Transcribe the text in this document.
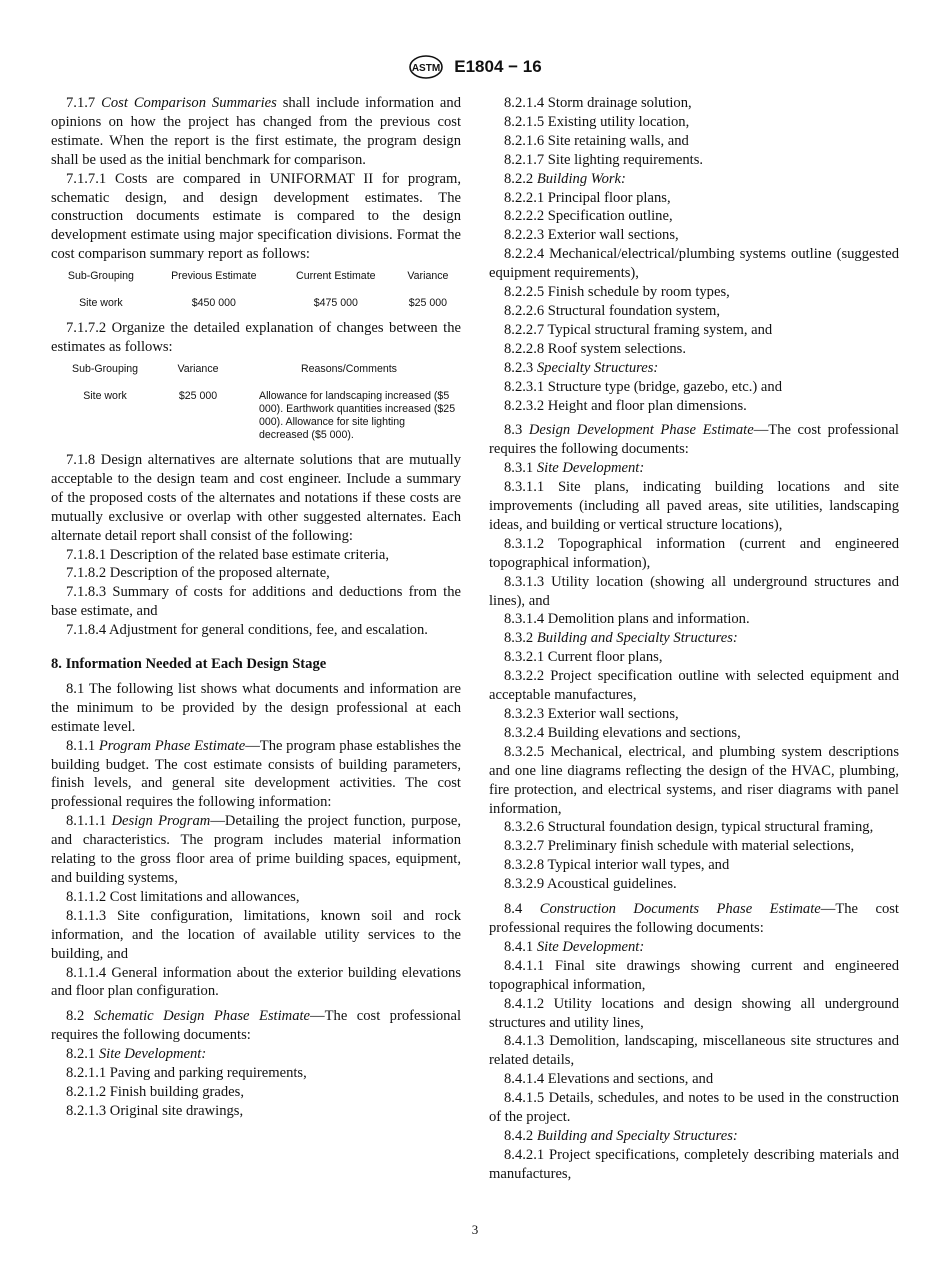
ASTM E1804 − 16

7.1.7 Cost Comparison Summaries shall include information and opinions on how the project has changed from the previous cost estimate. When the report is the first estimate, the program design shall be used as the initial benchmark for comparison.

7.1.7.1 Costs are compared in UNIFORMAT II for program, schematic design, and design development estimates. The construction documents estimate is compared to the design development estimate using major specification divisions. Format the cost comparison summary report as follows:

Sub-Grouping	Previous Estimate	Current Estimate	Variance
Site work	$450 000	$475 000	$25 000

7.1.7.2 Organize the detailed explanation of changes between the estimates as follows:

Sub-Grouping	Variance	Reasons/Comments
Site work	$25 000	Allowance for landscaping increased ($5 000). Earthwork quantities increased ($25 000). Allowance for site lighting decreased ($5 000).

7.1.8 Design alternatives are alternate solutions that are mutually acceptable to the design team and cost engineer. Include a summary of the proposed costs of the alternates and notations if these costs are mutually exclusive or overlap with other suggested alternates. Each alternate detail report shall consist of the following:

7.1.8.1 Description of the related base estimate criteria,

7.1.8.2 Description of the proposed alternate,

7.1.8.3 Summary of costs for additions and deductions from the base estimate, and

7.1.8.4 Adjustment for general conditions, fee, and escalation.

8. Information Needed at Each Design Stage

8.1 The following list shows what documents and information are the minimum to be provided by the design professional at each estimate level.

8.1.1 Program Phase Estimate—The program phase establishes the building budget. The cost estimate consists of building parameters, finish levels, and general site development activities. The cost professional requires the following information:

8.1.1.1 Design Program—Detailing the project function, purpose, and characteristics. The program includes material information relating to the gross floor area of prime building spaces, equipment, and building systems,

8.1.1.2 Cost limitations and allowances,

8.1.1.3 Site configuration, limitations, known soil and rock information, and the location of available utility services to the building, and

8.1.1.4 General information about the exterior building elevations and floor plan configuration.

8.2 Schematic Design Phase Estimate—The cost professional requires the following documents:

8.2.1 Site Development:

8.2.1.1 Paving and parking requirements,

8.2.1.2 Finish building grades,

8.2.1.3 Original site drawings,

8.2.1.4 Storm drainage solution,

8.2.1.5 Existing utility location,

8.2.1.6 Site retaining walls, and

8.2.1.7 Site lighting requirements.

8.2.2 Building Work:

8.2.2.1 Principal floor plans,

8.2.2.2 Specification outline,

8.2.2.3 Exterior wall sections,

8.2.2.4 Mechanical/electrical/plumbing systems outline (suggested equipment requirements),

8.2.2.5 Finish schedule by room types,

8.2.2.6 Structural foundation system,

8.2.2.7 Typical structural framing system, and

8.2.2.8 Roof system selections.

8.2.3 Specialty Structures:

8.2.3.1 Structure type (bridge, gazebo, etc.) and

8.2.3.2 Height and floor plan dimensions.

8.3 Design Development Phase Estimate—The cost professional requires the following documents:

8.3.1 Site Development:

8.3.1.1 Site plans, indicating building locations and site improvements (including all paved areas, site utilities, landscaping ideas, and building or vertical structure locations),

8.3.1.2 Topographical information (current and engineered topographical information),

8.3.1.3 Utility location (showing all underground structures and lines), and

8.3.1.4 Demolition plans and information.

8.3.2 Building and Specialty Structures:

8.3.2.1 Current floor plans,

8.3.2.2 Project specification outline with selected equipment and acceptable manufactures,

8.3.2.3 Exterior wall sections,

8.3.2.4 Building elevations and sections,

8.3.2.5 Mechanical, electrical, and plumbing system descriptions and one line diagrams reflecting the design of the HVAC, plumbing, fire protection, and electrical systems, and riser diagrams with panel information,

8.3.2.6 Structural foundation design, typical structural framing,

8.3.2.7 Preliminary finish schedule with material selections,

8.3.2.8 Typical interior wall types, and

8.3.2.9 Acoustical guidelines.

8.4 Construction Documents Phase Estimate—The cost professional requires the following documents:

8.4.1 Site Development:

8.4.1.1 Final site drawings showing current and engineered topographical information,

8.4.1.2 Utility locations and design showing all underground structures and utility lines,

8.4.1.3 Demolition, landscaping, miscellaneous site structures and related details,

8.4.1.4 Elevations and sections, and

8.4.1.5 Details, schedules, and notes to be used in the construction of the project.

8.4.2 Building and Specialty Structures:

8.4.2.1 Project specifications, completely describing materials and manufactures,

3
